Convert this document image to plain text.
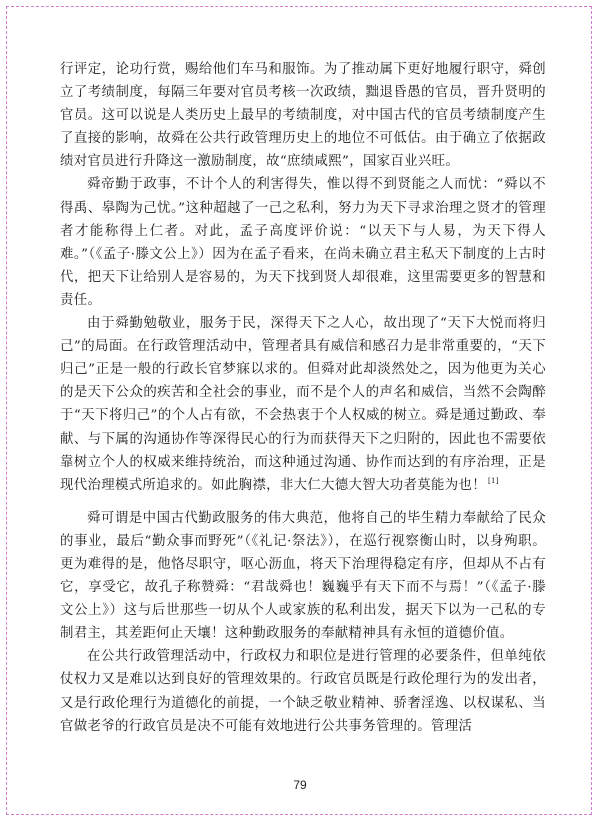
行评定，论功行赏，赐给他们车马和服饰。为了推动属下更好地履行职守，舜创立了考绩制度，每隔三年要对官员考核一次政绩，黜退昏愚的官员，晋升贤明的官员。这可以说是人类历史上最早的考绩制度，对中国古代的官员考绩制度产生了直接的影响，故舜在公共行政管理历史上的地位不可低估。由于确立了依据政绩对官员进行升降这一激励制度，故“庶绩咸熙”，国家百业兴旺。

舜帝勤于政事，不计个人的利害得失，惟以得不到贤能之人而忧：“舜以不得禹、皋陶为己忧。”这种超越了一己之私利，努力为天下寻求治理之贤才的管理者才能称得上仁者。对此，孟子高度评价说：“以天下与人易，为天下得人难。”（《孟子·滕文公上》）因为在孟子看来，在尚未确立君主私天下制度的上古时代，把天下让给别人是容易的，为天下找到贤人却很难，这里需要更多的智慧和责任。

由于舜勤勉敬业，服务于民，深得天下之人心，故出现了“天下大悦而将归己”的局面。在行政管理活动中，管理者具有威信和感召力是非常重要的，“天下归己”正是一般的行政长官梦寐以求的。但舜对此却淡然处之，因为他更为关心的是天下公众的疾苦和全社会的事业，而不是个人的声名和威信，当然不会陶醉于“天下将归己”的个人占有欲，不会热衷于个人权威的树立。舜是通过勤政、奉献、与下属的沟通协作等深得民心的行为而获得天下之归附的，因此也不需要依靠树立个人的权威来维持统治，而这种通过沟通、协作而达到的有序治理，正是现代治理模式所追求的。如此胸襟，非大仁大德大智大功者莫能为也！ [1]

舜可谓是中国古代勤政服务的伟大典范，他将自己的毕生精力奉献给了民众的事业，最后“勤众事而野死”（《礼记·祭法》），在巡行视察衡山时，以身殉职。更为难得的是，他恪尽职守，呕心沥血，将天下治理得稳定有序，但却从不占有它，享受它，故孔子称赞舜：“君哉舜也！巍巍乎有天下而不与焉！”（《孟子·滕文公上》）这与后世那些一切从个人或家族的私利出发，据天下以为一己私的专制君主，其差距何止天壤！这种勤政服务的奉献精神具有永恒的道德价值。

在公共行政管理活动中，行政权力和职位是进行管理的必要条件，但单纯依仗权力又是难以达到良好的管理效果的。行政官员既是行政伦理行为的发出者，又是行政伦理行为道德化的前提，一个缺乏敬业精神、骄奢淫逸、以权谋私、当官做老爷的行政官员是决不可能有效地进行公共事务管理的。管理活

79
